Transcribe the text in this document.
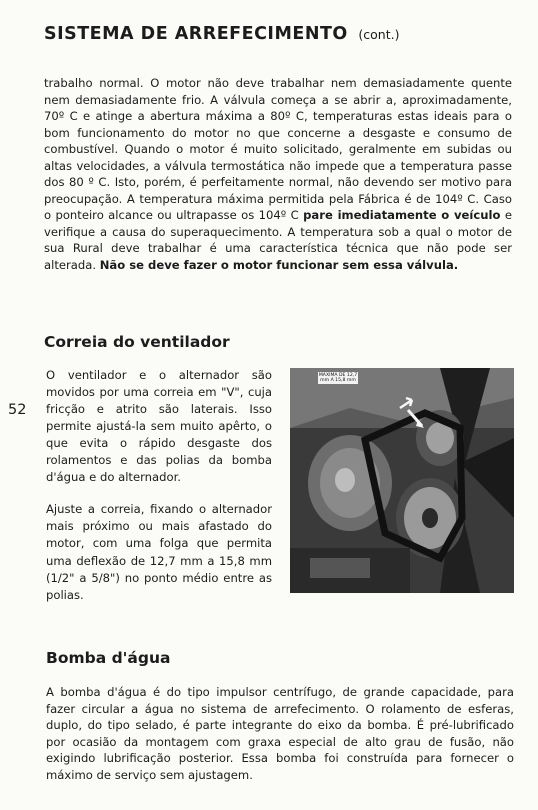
SISTEMA DE ARREFECIMENTO (cont.)

trabalho normal. O motor não deve trabalhar nem demasiadamente quente nem demasiadamente frio. A válvula começa a se abrir a, aproximadamente, 70º C e atinge a abertura máxima a 80º C, temperaturas estas ideais para o bom funcionamento do motor no que concerne a desgaste e consumo de combustível. Quando o motor é muito solicitado, geralmente em subidas ou altas velocidades, a válvula termostática não impede que a temperatura passe dos 80 º C. Isto, porém, é perfeitamente normal, não devendo ser motivo para preocupação. A temperatura máxima permitida pela Fábrica é de 104º C. Caso o ponteiro alcance ou ultrapasse os 104º C pare imediatamente o veículo e verifique a causa do superaquecimento. A temperatura sob a qual o motor de sua Rural deve trabalhar é uma característica técnica que não pode ser alterada. Não se deve fazer o motor funcionar sem essa válvula.

Correia do ventilador
52

O ventilador e o alternador são movidos por uma correia em "V", cuja fricção e atrito são laterais. Isso permite ajustá-la sem muito apêrto, o que evita o rápido desgaste dos rolamentos e das polias da bomba d'água e do alternador.

Ajuste a correia, fixando o alternador mais próximo ou mais afastado do motor, com uma folga que permita uma deflexão de 12,7 mm a 15,8 mm (1/2" a 5/8") no ponto médio entre as polias.

MAXIMA DE 12,7 mm A 15,8 mm
Bomba d'água

A bomba d'água é do tipo impulsor centrífugo, de grande capacidade, para fazer circular a água no sistema de arrefecimento. O rolamento de esferas, duplo, do tipo selado, é parte integrante do eixo da bomba. É pré-lubrificado por ocasião da montagem com graxa especial de alto grau de fusão, não exigindo lubrificação posterior. Essa bomba foi construída para fornecer o máximo de serviço sem ajustagem.
